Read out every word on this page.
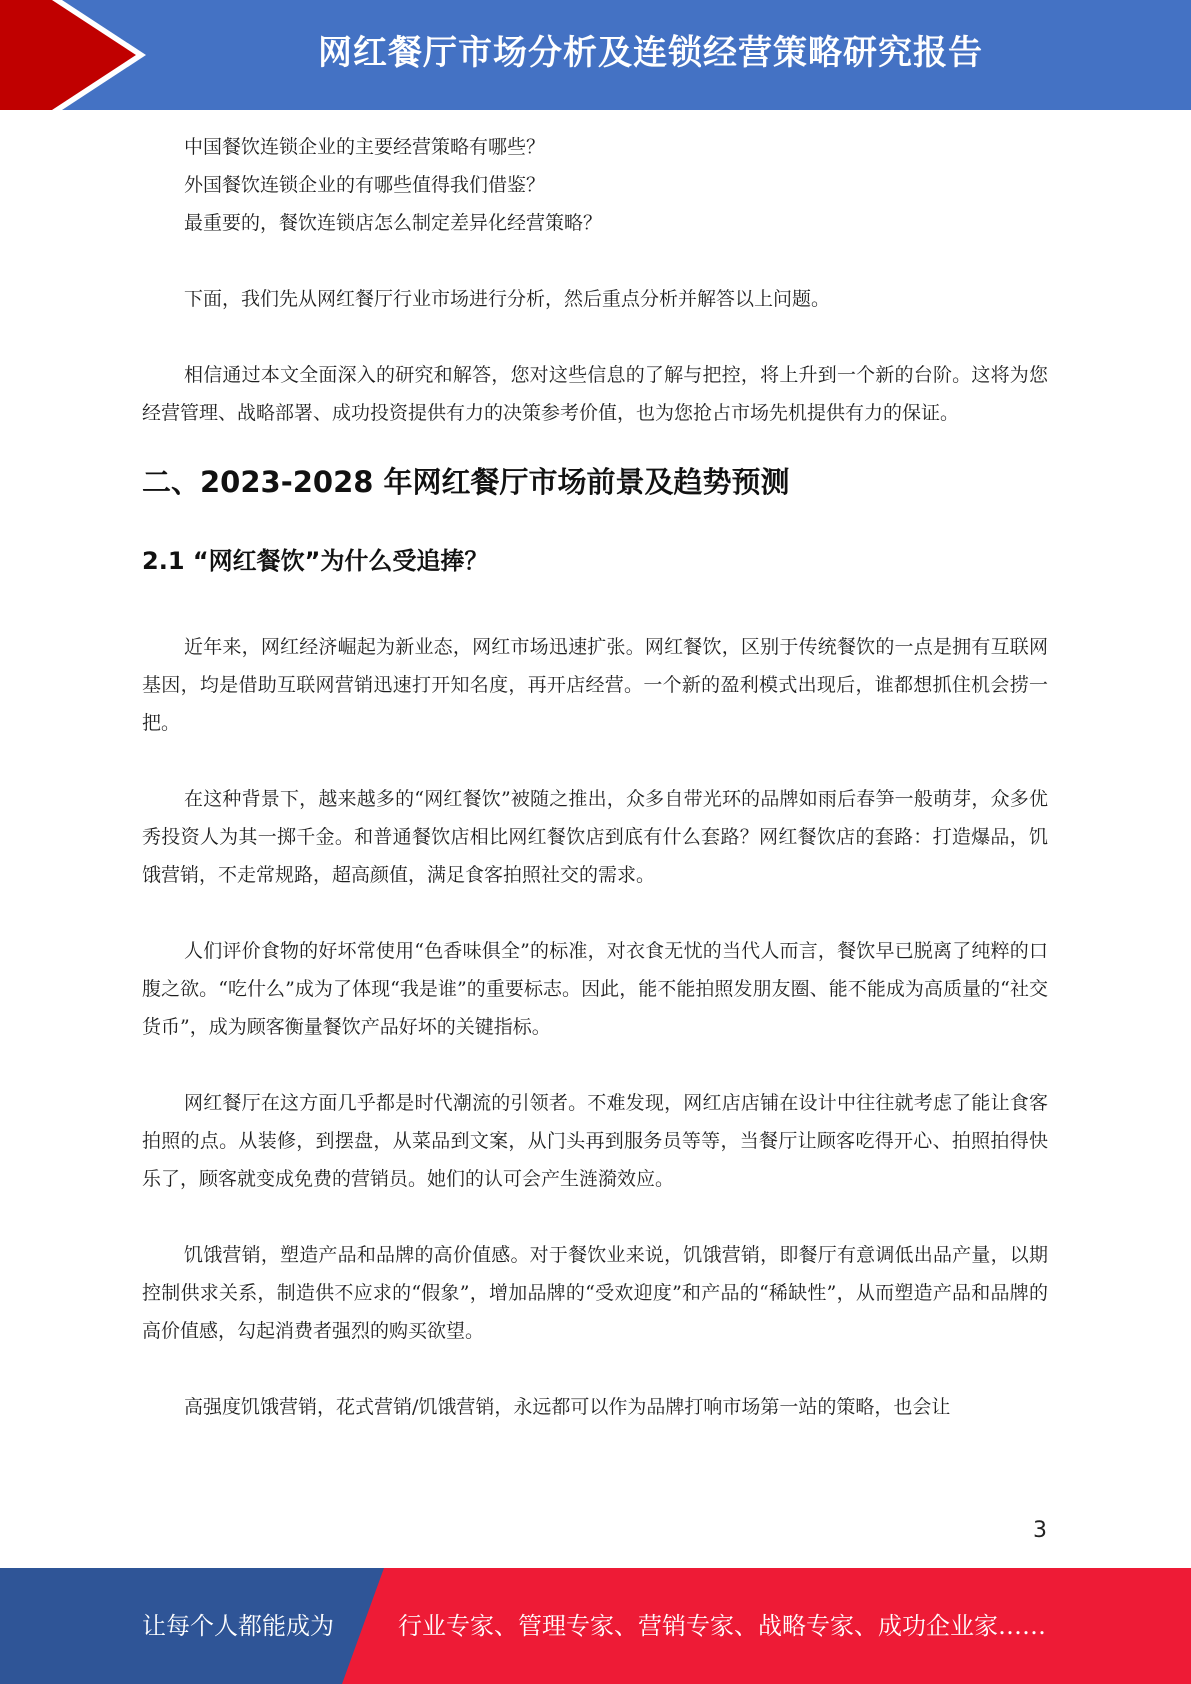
网红餐厅市场分析及连锁经营策略研究报告

中国餐饮连锁企业的主要经营策略有哪些？

外国餐饮连锁企业的有哪些值得我们借鉴？

最重要的，餐饮连锁店怎么制定差异化经营策略？

下面，我们先从网红餐厅行业市场进行分析，然后重点分析并解答以上问题。

相信通过本文全面深入的研究和解答，您对这些信息的了解与把控，将上升到一个新的台阶。这将为您经营管理、战略部署、成功投资提供有力的决策参考价值，也为您抢占市场先机提供有力的保证。

二、2023-2028 年网红餐厅市场前景及趋势预测
2.1 “网红餐饮”为什么受追捧？

近年来，网红经济崛起为新业态，网红市场迅速扩张。网红餐饮，区别于传统餐饮的一点是拥有互联网基因，均是借助互联网营销迅速打开知名度，再开店经营。一个新的盈利模式出现后，谁都想抓住机会捞一把。

在这种背景下，越来越多的“网红餐饮”被随之推出，众多自带光环的品牌如雨后春笋一般萌芽，众多优秀投资人为其一掷千金。和普通餐饮店相比网红餐饮店到底有什么套路？网红餐饮店的套路：打造爆品，饥饿营销，不走常规路，超高颜值，满足食客拍照社交的需求。

人们评价食物的好坏常使用“色香味俱全”的标准，对衣食无忧的当代人而言，餐饮早已脱离了纯粹的口腹之欲。“吃什么”成为了体现“我是谁”的重要标志。因此，能不能拍照发朋友圈、能不能成为高质量的“社交货币”，成为顾客衡量餐饮产品好坏的关键指标。

网红餐厅在这方面几乎都是时代潮流的引领者。不难发现，网红店店铺在设计中往往就考虑了能让食客拍照的点。从装修，到摆盘，从菜品到文案，从门头再到服务员等等，当餐厅让顾客吃得开心、拍照拍得快乐了，顾客就变成免费的营销员。她们的认可会产生涟漪效应。

饥饿营销，塑造产品和品牌的高价值感。对于餐饮业来说，饥饿营销，即餐厅有意调低出品产量，以期控制供求关系，制造供不应求的“假象”，增加品牌的“受欢迎度”和产品的“稀缺性”，从而塑造产品和品牌的高价值感，勾起消费者强烈的购买欲望。

高强度饥饿营销，花式营销/饥饿营销，永远都可以作为品牌打响市场第一站的策略，也会让

3
让每个人都能成为	行业专家、管理专家、营销专家、战略专家、成功企业家……
